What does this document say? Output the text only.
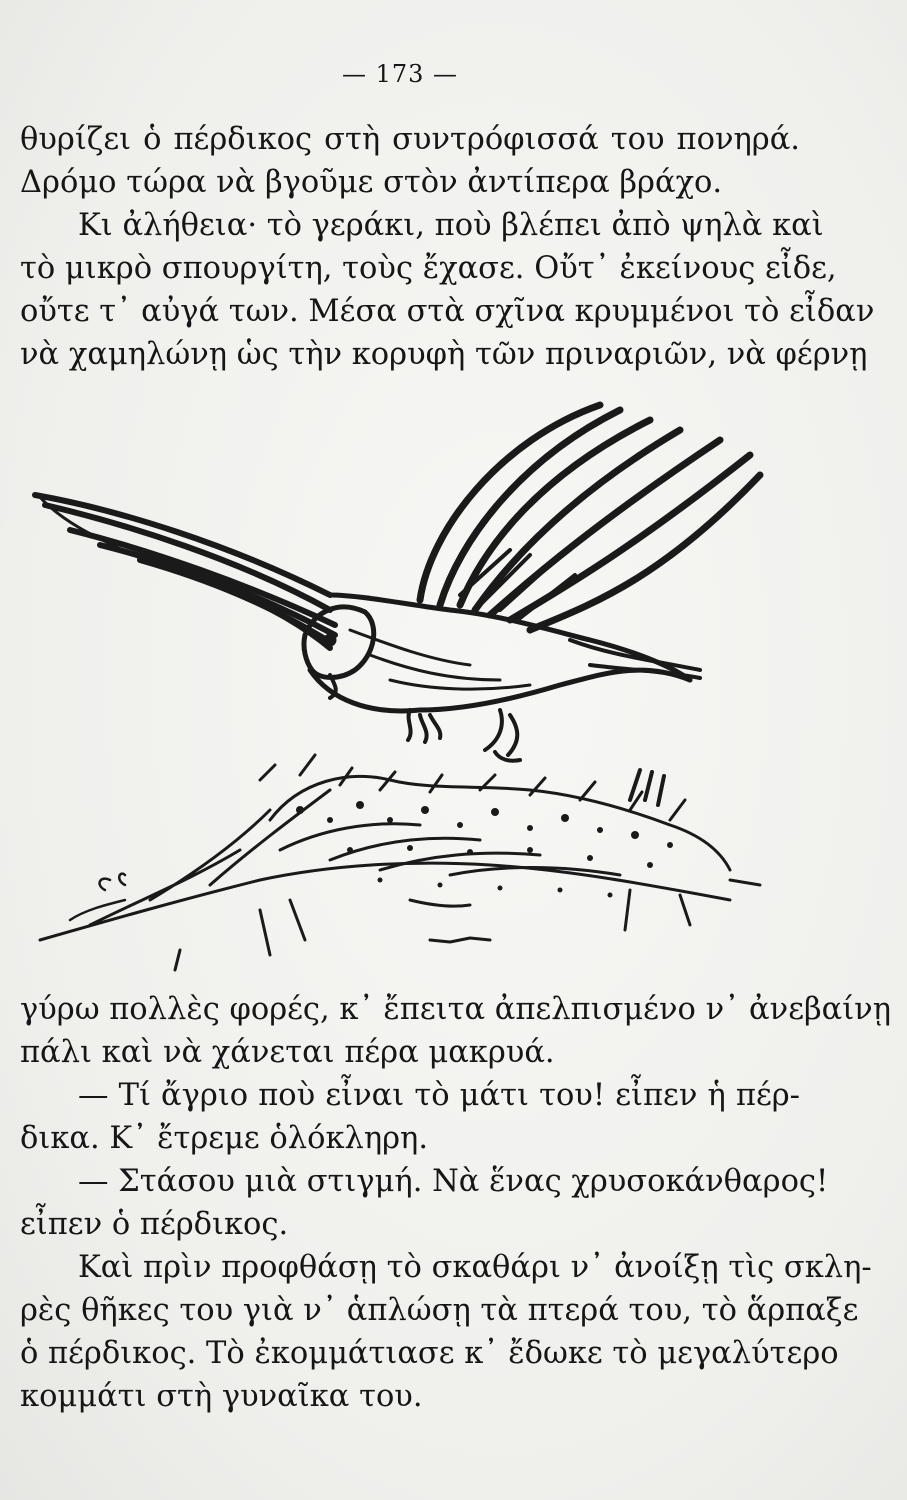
— 173 —
θυρίζει ὁ πέρδικος στὴ συντρόφισσά του πονηρά.
Δρόμο τώρα νὰ βγοῦμε στὸν ἀντίπερα βράχο.
Κι ἀλήθεια· τὸ γεράκι, ποὺ βλέπει ἀπὸ ψηλὰ καὶ
τὸ μικρὸ σπουργίτη, τοὺς ἔχασε. Οὔτ᾽ ἐκείνους εἶδε,
οὔτε τ᾽ αὐγά των. Μέσα στὰ σχῖνα κρυμμένοι τὸ εἶδαν
νὰ χαμηλώνῃ ὡς τὴν κορυφὴ τῶν πριναριῶν, νὰ φέρνῃ
γύρω πολλὲς φορές, κ᾽ ἔπειτα ἀπελπισμένο ν᾽ ἀνεβαίνῃ
πάλι καὶ νὰ χάνεται πέρα μακρυά.
— Τί ἄγριο ποὺ εἶναι τὸ μάτι του! εἶπεν ἡ πέρ-
δικα. Κ᾽ ἔτρεμε ὁλόκληρη.
— Στάσου μιὰ στιγμή. Νὰ ἕνας χρυσοκάνθαρος!
εἶπεν ὁ πέρδικος.
Καὶ πρὶν προφθάσῃ τὸ σκαθάρι ν᾽ ἀνοίξῃ τὶς σκλη-
ρὲς θῆκες του γιὰ ν᾽ ἁπλώσῃ τὰ πτερά του, τὸ ἅρπαξε
ὁ πέρδικος. Τὸ ἐκομμάτιασε κ᾽ ἔδωκε τὸ μεγαλύτερο
κομμάτι στὴ γυναῖκα του.
